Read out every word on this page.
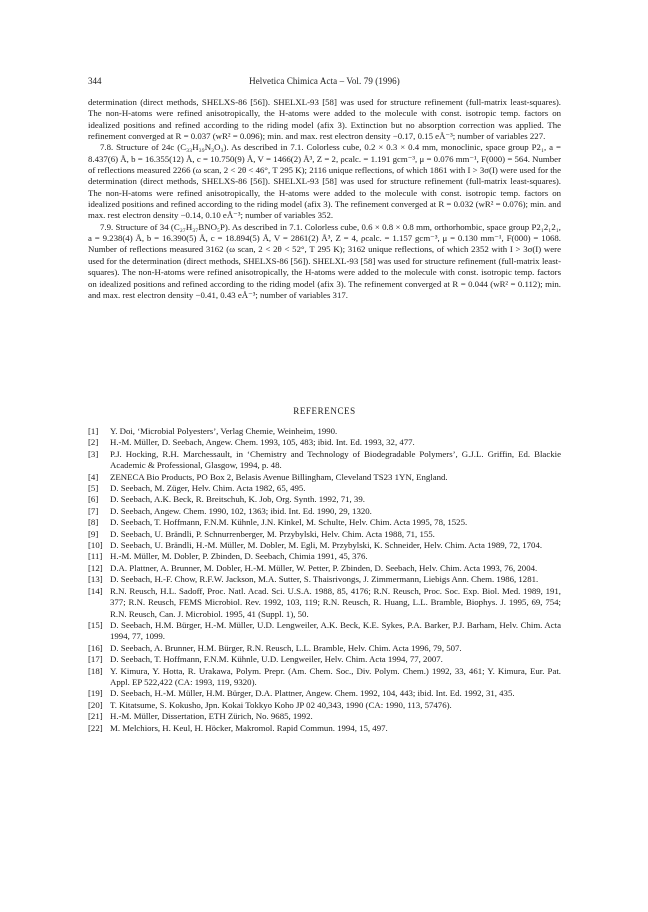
344	Helvetica Chimica Acta – Vol. 79 (1996)

determination (direct methods, SHELXS-86 [56]). SHELXL-93 [58] was used for structure refinement (full-matrix least-squares). The non-H-atoms were refined anisotropically, the H-atoms were added to the molecule with const. isotropic temp. factors on idealized positions and refined according to the riding model (afix 3). Extinction but no absorption correction was applied. The refinement converged at R = 0.037 (wR² = 0.096); min. and max. rest electron density −0.17, 0.15 eÅ⁻³; number of variables 227.

7.8. Structure of 24c (C₃₃H₃₉N₃O₃). As described in 7.1. Colorless cube, 0.2 × 0.3 × 0.4 mm, monoclinic, space group P2₁, a = 8.437(6) Å, b = 16.355(12) Å, c = 10.750(9) Å, V = 1466(2) Å³, Z = 2, ρcalc. = 1.191 gcm⁻³, μ = 0.076 mm⁻¹, F(000) = 564. Number of reflections measured 2266 (ω scan, 2 < 2θ < 46°, T 295 K); 2116 unique reflections, of which 1861 with I > 3σ(I) were used for the determination (direct methods, SHELXS-86 [56]). SHELXL-93 [58] was used for structure refinement (full-matrix least-squares). The non-H-atoms were refined anisotropically, the H-atoms were added to the molecule with const. isotropic temp. factors on idealized positions and refined according to the riding model (afix 3). The refinement converged at R = 0.032 (wR² = 0.076); min. and max. rest electron density −0.14, 0.10 eÅ⁻³; number of variables 352.

7.9. Structure of 34 (C₂₇H₃₇BNO₅P). As described in 7.1. Colorless cube, 0.6 × 0.8 × 0.8 mm, orthorhombic, space group P2₁2₁2₁, a = 9.238(4) Å, b = 16.390(5) Å, c = 18.894(5) Å, V = 2861(2) Å³, Z = 4, ρcalc. = 1.157 gcm⁻³, μ = 0.130 mm⁻¹, F(000) = 1068. Number of reflections measured 3162 (ω scan, 2 < 2θ < 52°, T 295 K); 3162 unique reflections, of which 2352 with I > 3σ(I) were used for the determination (direct methods, SHELXS-86 [56]). SHELXL-93 [58] was used for structure refinement (full-matrix least-squares). The non-H-atoms were refined anisotropically, the H-atoms were added to the molecule with const. isotropic temp. factors on idealized positions and refined according to the riding model (afix 3). The refinement converged at R = 0.044 (wR² = 0.112); min. and max. rest electron density −0.41, 0.43 eÅ⁻³; number of variables 317.

REFERENCES
[1] Y. Doi, ‘Microbial Polyesters’, Verlag Chemie, Weinheim, 1990.
[2] H.-M. Müller, D. Seebach, Angew. Chem. 1993, 105, 483; ibid. Int. Ed. 1993, 32, 477.
[3] P.J. Hocking, R.H. Marchessault, in ‘Chemistry and Technology of Biodegradable Polymers’, G.J.L. Griffin, Ed. Blackie Academic & Professional, Glasgow, 1994, p. 48.
[4] ZENECA Bio Products, PO Box 2, Belasis Avenue Billingham, Cleveland TS23 1YN, England.
[5] D. Seebach, M. Züger, Helv. Chim. Acta 1982, 65, 495.
[6] D. Seebach, A.K. Beck, R. Breitschuh, K. Job, Org. Synth. 1992, 71, 39.
[7] D. Seebach, Angew. Chem. 1990, 102, 1363; ibid. Int. Ed. 1990, 29, 1320.
[8] D. Seebach, T. Hoffmann, F.N.M. Kühnle, J.N. Kinkel, M. Schulte, Helv. Chim. Acta 1995, 78, 1525.
[9] D. Seebach, U. Brändli, P. Schnurrenberger, M. Przybylski, Helv. Chim. Acta 1988, 71, 155.
[10] D. Seebach, U. Brändli, H.-M. Müller, M. Dobler, M. Egli, M. Przybylski, K. Schneider, Helv. Chim. Acta 1989, 72, 1704.
[11] H.-M. Müller, M. Dobler, P. Zbinden, D. Seebach, Chimia 1991, 45, 376.
[12] D.A. Plattner, A. Brunner, M. Dobler, H.-M. Müller, W. Petter, P. Zbinden, D. Seebach, Helv. Chim. Acta 1993, 76, 2004.
[13] D. Seebach, H.-F. Chow, R.F.W. Jackson, M.A. Sutter, S. Thaisrivongs, J. Zimmermann, Liebigs Ann. Chem. 1986, 1281.
[14] R.N. Reusch, H.L. Sadoff, Proc. Natl. Acad. Sci. U.S.A. 1988, 85, 4176; R.N. Reusch, Proc. Soc. Exp. Biol. Med. 1989, 191, 377; R.N. Reusch, FEMS Microbiol. Rev. 1992, 103, 119; R.N. Reusch, R. Huang, L.L. Bramble, Biophys. J. 1995, 69, 754; R.N. Reusch, Can. J. Microbiol. 1995, 41 (Suppl. 1), 50.
[15] D. Seebach, H.M. Bürger, H.-M. Müller, U.D. Lengweiler, A.K. Beck, K.E. Sykes, P.A. Barker, P.J. Barham, Helv. Chim. Acta 1994, 77, 1099.
[16] D. Seebach, A. Brunner, H.M. Bürger, R.N. Reusch, L.L. Bramble, Helv. Chim. Acta 1996, 79, 507.
[17] D. Seebach, T. Hoffmann, F.N.M. Kühnle, U.D. Lengweiler, Helv. Chim. Acta 1994, 77, 2007.
[18] Y. Kimura, Y. Hotta, R. Urakawa, Polym. Prepr. (Am. Chem. Soc., Div. Polym. Chem.) 1992, 33, 461; Y. Kimura, Eur. Pat. Appl. EP 522,422 (CA: 1993, 119, 9320).
[19] D. Seebach, H.-M. Müller, H.M. Bürger, D.A. Plattner, Angew. Chem. 1992, 104, 443; ibid. Int. Ed. 1992, 31, 435.
[20] T. Kitatsume, S. Kokusho, Jpn. Kokai Tokkyo Koho JP 02 40,343, 1990 (CA: 1990, 113, 57476).
[21] H.-M. Müller, Dissertation, ETH Zürich, No. 9685, 1992.
[22] M. Melchiors, H. Keul, H. Höcker, Makromol. Rapid Commun. 1994, 15, 497.
